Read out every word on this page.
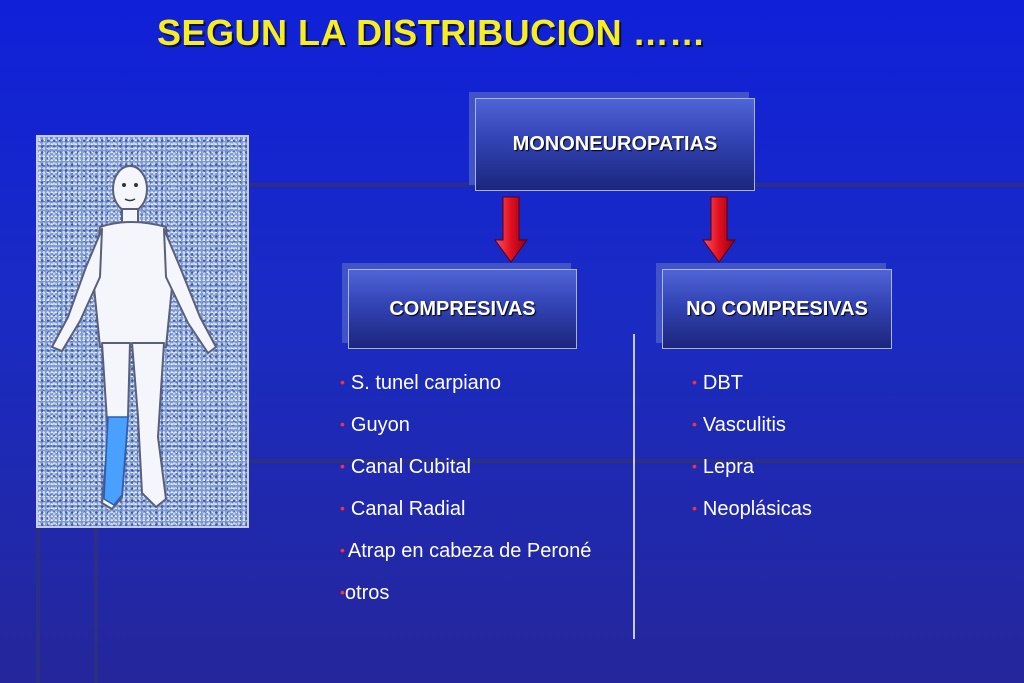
SEGUN LA DISTRIBUCION ……
MONONEUROPATIAS
COMPRESIVAS	NO COMPRESIVAS
• S. tunel carpiano
• Guyon
• Canal Cubital
• Canal Radial
• Atrap en cabeza de Peroné
•otros
• DBT
• Vasculitis
• Lepra
• Neoplásicas
